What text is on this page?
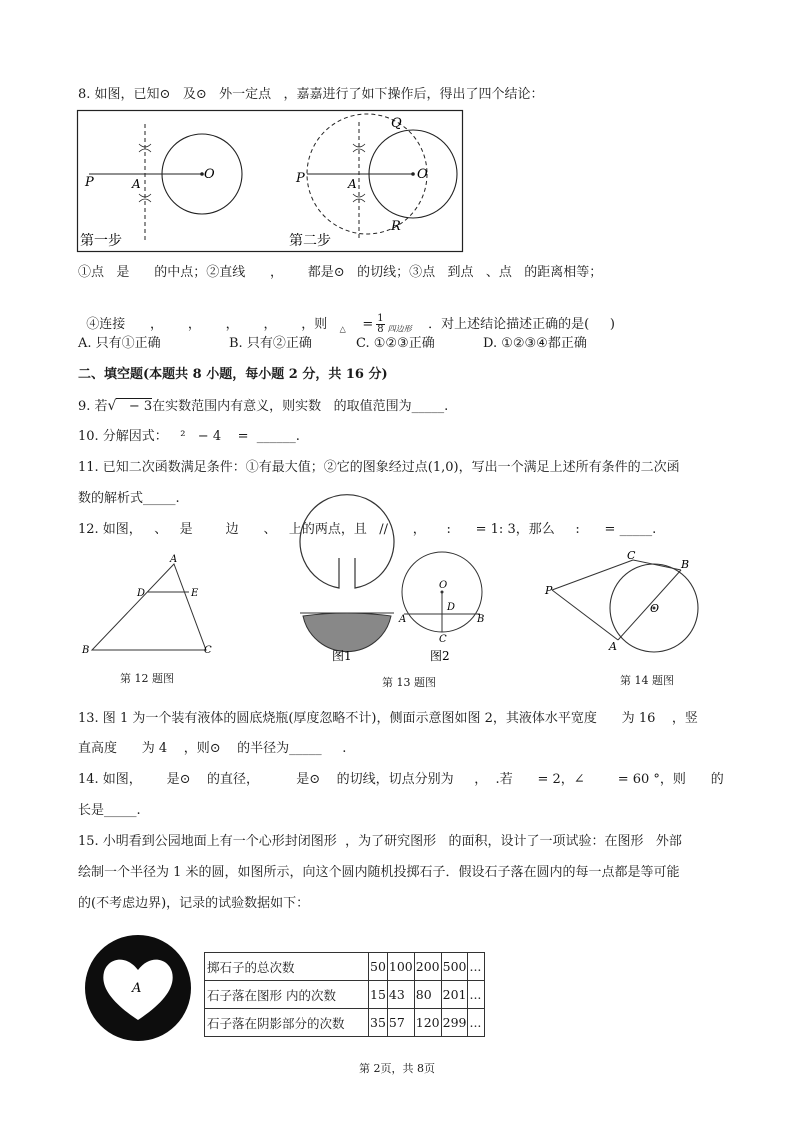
8. 如图，已知⊙   及⊙   外一定点   ，嘉嘉进行了如下操作后，得出了四个结论：
P	A
O
第一步
P	A
O
Q
R
第二步
①点   是      的中点；②直线      ，      都是⊙   的切线；③点   到点   、点   的距离相等；

④连接      ，      ，      ，      ，      ，则   $_\triangle = \frac{1}{8} _{四边形}$ ．对上述结论描述正确的是(     )

A. 只有①正确	B. 只有②正确	C. ①②③正确	D. ①②③④都正确
二、填空题(本题共 8 小题，每小题 2 分，共 16 分)
9. 若√   − 3在实数范围内有意义，则实数   的取值范围为_____.
10. 分解因式：   ²   − 4    =  ______.
11. 已知二次函数满足条件：①有最大值；②它的图象经过点(1,0)，写出一个满足上述所有条件的二次函
数的解析式_____.
12. 如图，   、   是        边      、   上的两点，且   //      ，     :      = 1: 3，那么     :      = _____.
A
D	E
B	C
第 12 题图
图1
O
D
A	B
C
图2
第 13 题图
P
C
B
O
A
第 14 题图
13. 图 1 为一个装有液体的圆底烧瓶(厚度忽略不计)，侧面示意图如图 2，其液体水平宽度      为 16    ，竖
直高度      为 4    ，则⊙    的半径为_____     .
14. 如图，      是⊙    的直径，         是⊙    的切线，切点分别为     ，  .若      = 2，∠        = 60 °，则      的
长是_____.
15. 小明看到公园地面上有一个心形封闭图形  ，为了研究图形   的面积，设计了一项试验：在图形   外部
绘制一个半径为 1 米的圆，如图所示，向这个圆内随机投掷石子．假设石子落在圆内的每一点都是等可能
的(不考虑边界)，记录的试验数据如下：
A
掷石子的总次数	50	100	200	500	...
石子落在图形 内的次数	15	43	80	201	...
石子落在阴影部分的次数	35	57	120	299	...
第 2页，共 8页
